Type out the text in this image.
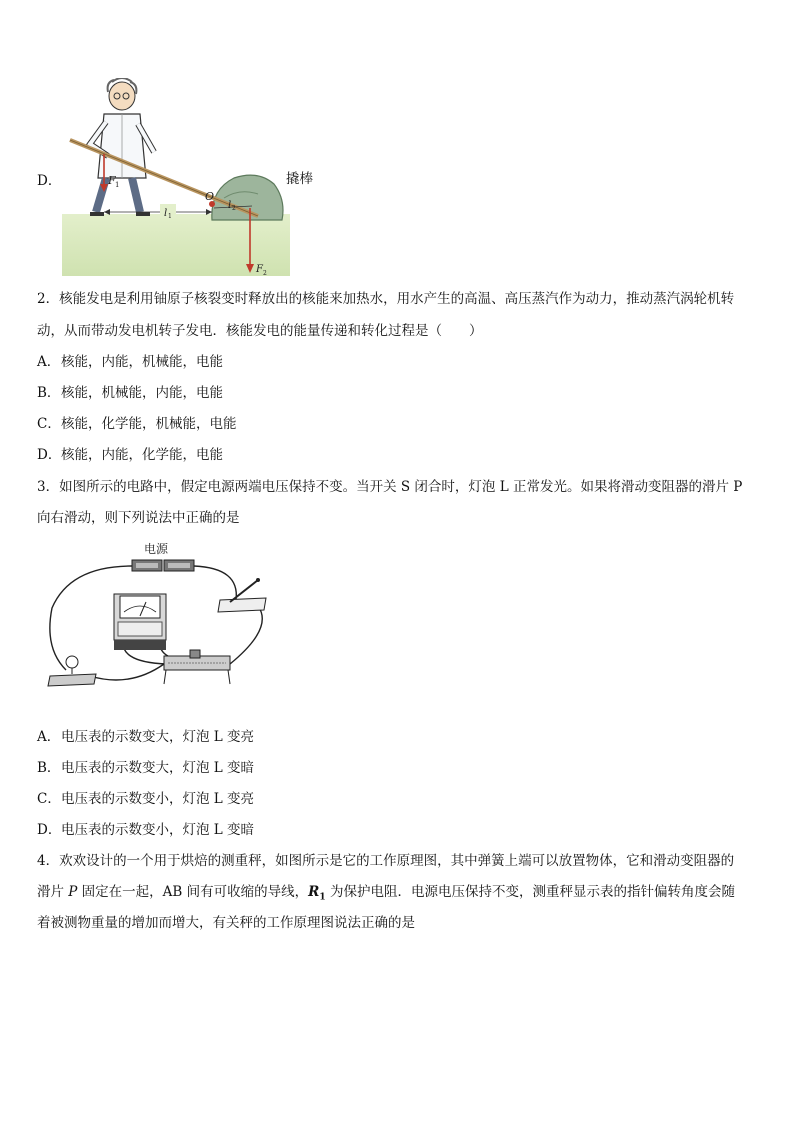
D．	F 1
O
l 1
l 2
F 2
撬棒
2．核能发电是利用铀原子核裂变时释放出的核能来加热水，用水产生的高温、高压蒸汽作为动力，推动蒸汽涡轮机转
动，从而带动发电机转子发电．核能发电的能量传递和转化过程是（　　）
A．核能，内能，机械能，电能
B．核能，机械能，内能，电能
C．核能，化学能，机械能，电能
D．核能，内能，化学能，电能
3．如图所示的电路中，假定电源两端电压保持不变。当开关 S 闭合时，灯泡 L 正常发光。如果将滑动变阻器的滑片 P
向右滑动，则下列说法中正确的是
电源
A．电压表的示数变大，灯泡 L 变亮
B．电压表的示数变大，灯泡 L 变暗
C．电压表的示数变小，灯泡 L 变亮
D．电压表的示数变小，灯泡 L 变暗
4．欢欢设计的一个用于烘焙的测重秤，如图所示是它的工作原理图，其中弹簧上端可以放置物体，它和滑动变阻器的
滑片 P 固定在一起，AB 间有可收缩的导线，$R_1$ 为保护电阻．电源电压保持不变，测重秤显示表的指针偏转角度会随
着被测物重量的增加而增大，有关秤的工作原理图说法正确的是
